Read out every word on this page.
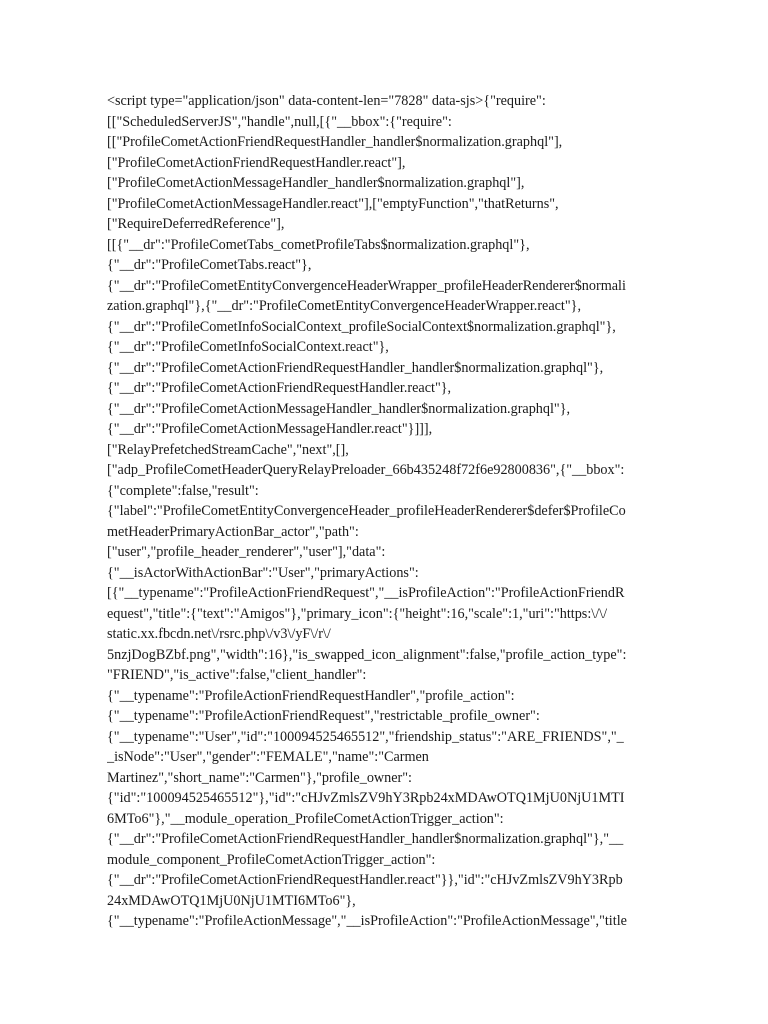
<script type="application/json" data-content-len="7828" data-sjs>{"require":
[["ScheduledServerJS","handle",null,[{"__bbox":{"require":
[["ProfileCometActionFriendRequestHandler_handler$normalization.graphql"],
["ProfileCometActionFriendRequestHandler.react"],
["ProfileCometActionMessageHandler_handler$normalization.graphql"],
["ProfileCometActionMessageHandler.react"],["emptyFunction","thatReturns",
["RequireDeferredReference"],
[[{"__dr":"ProfileCometTabs_cometProfileTabs$normalization.graphql"},
{"__dr":"ProfileCometTabs.react"},
{"__dr":"ProfileCometEntityConvergenceHeaderWrapper_profileHeaderRenderer$normali
zation.graphql"},{"__dr":"ProfileCometEntityConvergenceHeaderWrapper.react"},
{"__dr":"ProfileCometInfoSocialContext_profileSocialContext$normalization.graphql"},
{"__dr":"ProfileCometInfoSocialContext.react"},
{"__dr":"ProfileCometActionFriendRequestHandler_handler$normalization.graphql"},
{"__dr":"ProfileCometActionFriendRequestHandler.react"},
{"__dr":"ProfileCometActionMessageHandler_handler$normalization.graphql"},
{"__dr":"ProfileCometActionMessageHandler.react"}]]],
["RelayPrefetchedStreamCache","next",[],
["adp_ProfileCometHeaderQueryRelayPreloader_66b435248f72f6e92800836",{"__bbox":
{"complete":false,"result":
{"label":"ProfileCometEntityConvergenceHeader_profileHeaderRenderer$defer$ProfileCo
metHeaderPrimaryActionBar_actor","path":
["user","profile_header_renderer","user"],"data":
{"__isActorWithActionBar":"User","primaryActions":
[{"__typename":"ProfileActionFriendRequest","__isProfileAction":"ProfileActionFriendR
equest","title":{"text":"Amigos"},"primary_icon":{"height":16,"scale":1,"uri":"https:\/\/
static.xx.fbcdn.net\/rsrc.php\/v3\/yF\/r\/
5nzjDogBZbf.png","width":16},"is_swapped_icon_alignment":false,"profile_action_type":
"FRIEND","is_active":false,"client_handler":
{"__typename":"ProfileActionFriendRequestHandler","profile_action":
{"__typename":"ProfileActionFriendRequest","restrictable_profile_owner":
{"__typename":"User","id":"100094525465512","friendship_status":"ARE_FRIENDS","_
_isNode":"User","gender":"FEMALE","name":"Carmen
Martinez","short_name":"Carmen"},"profile_owner":
{"id":"100094525465512"},"id":"cHJvZmlsZV9hY3Rpb24xMDAwOTQ1MjU0NjU1MTI
6MTo6"},"__module_operation_ProfileCometActionTrigger_action":
{"__dr":"ProfileCometActionFriendRequestHandler_handler$normalization.graphql"},"__
module_component_ProfileCometActionTrigger_action":
{"__dr":"ProfileCometActionFriendRequestHandler.react"}},"id":"cHJvZmlsZV9hY3Rpb
24xMDAwOTQ1MjU0NjU1MTI6MTo6"},
{"__typename":"ProfileActionMessage","__isProfileAction":"ProfileActionMessage","title
